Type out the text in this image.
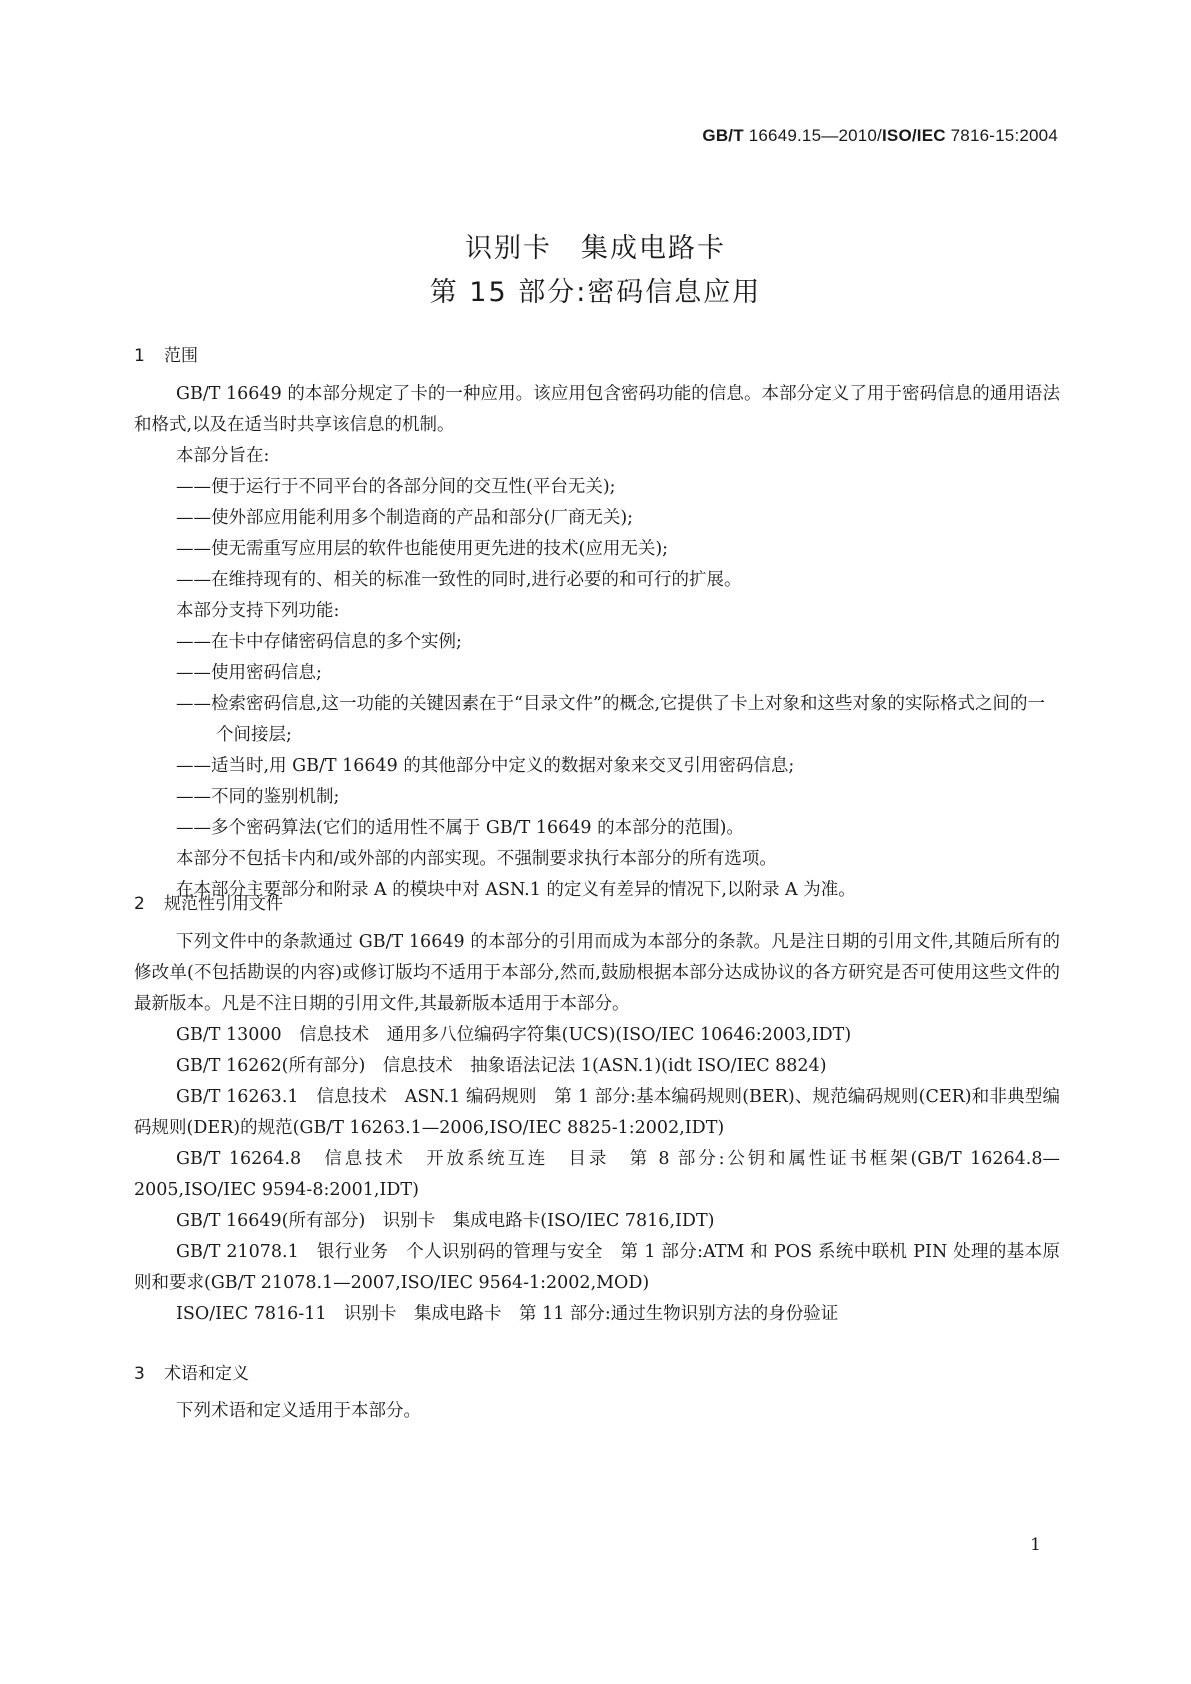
GB/T 16649.15—2010/ISO/IEC 7816-15:2004
识别卡　集成电路卡
第 15 部分:密码信息应用
1 范围

GB/T 16649 的本部分规定了卡的一种应用。该应用包含密码功能的信息。本部分定义了用于密码信息的通用语法和格式,以及在适当时共享该信息的机制。

本部分旨在:

——便于运行于不同平台的各部分间的交互性(平台无关);

——使外部应用能利用多个制造商的产品和部分(厂商无关);

——使无需重写应用层的软件也能使用更先进的技术(应用无关);

——在维持现有的、相关的标准一致性的同时,进行必要的和可行的扩展。

本部分支持下列功能:

——在卡中存储密码信息的多个实例;

——使用密码信息;

——检索密码信息,这一功能的关键因素在于“目录文件”的概念,它提供了卡上对象和这些对象的实际格式之间的一个间接层;

——适当时,用 GB/T 16649 的其他部分中定义的数据对象来交叉引用密码信息;

——不同的鉴别机制;

——多个密码算法(它们的适用性不属于 GB/T 16649 的本部分的范围)。

本部分不包括卡内和/或外部的内部实现。不强制要求执行本部分的所有选项。

在本部分主要部分和附录 A 的模块中对 ASN.1 的定义有差异的情况下,以附录 A 为准。

2 规范性引用文件

下列文件中的条款通过 GB/T 16649 的本部分的引用而成为本部分的条款。凡是注日期的引用文件,其随后所有的修改单(不包括勘误的内容)或修订版均不适用于本部分,然而,鼓励根据本部分达成协议的各方研究是否可使用这些文件的最新版本。凡是不注日期的引用文件,其最新版本适用于本部分。

GB/T 13000　信息技术　通用多八位编码字符集(UCS)(ISO/IEC 10646:2003,IDT)

GB/T 16262(所有部分)　信息技术　抽象语法记法 1(ASN.1)(idt ISO/IEC 8824)

GB/T 16263.1　信息技术　ASN.1 编码规则　第 1 部分:基本编码规则(BER)、规范编码规则(CER)和非典型编码规则(DER)的规范(GB/T 16263.1—2006,ISO/IEC 8825-1:2002,IDT)

GB/T 16264.8　信息技术　开放系统互连　目录　第 8 部分:公钥和属性证书框架(GB/T 16264.8—2005,ISO/IEC 9594-8:2001,IDT)

GB/T 16649(所有部分)　识别卡　集成电路卡(ISO/IEC 7816,IDT)

GB/T 21078.1　银行业务　个人识别码的管理与安全　第 1 部分:ATM 和 POS 系统中联机 PIN 处理的基本原则和要求(GB/T 21078.1—2007,ISO/IEC 9564-1:2002,MOD)

ISO/IEC 7816-11　识别卡　集成电路卡　第 11 部分:通过生物识别方法的身份验证

3 术语和定义

下列术语和定义适用于本部分。

1
